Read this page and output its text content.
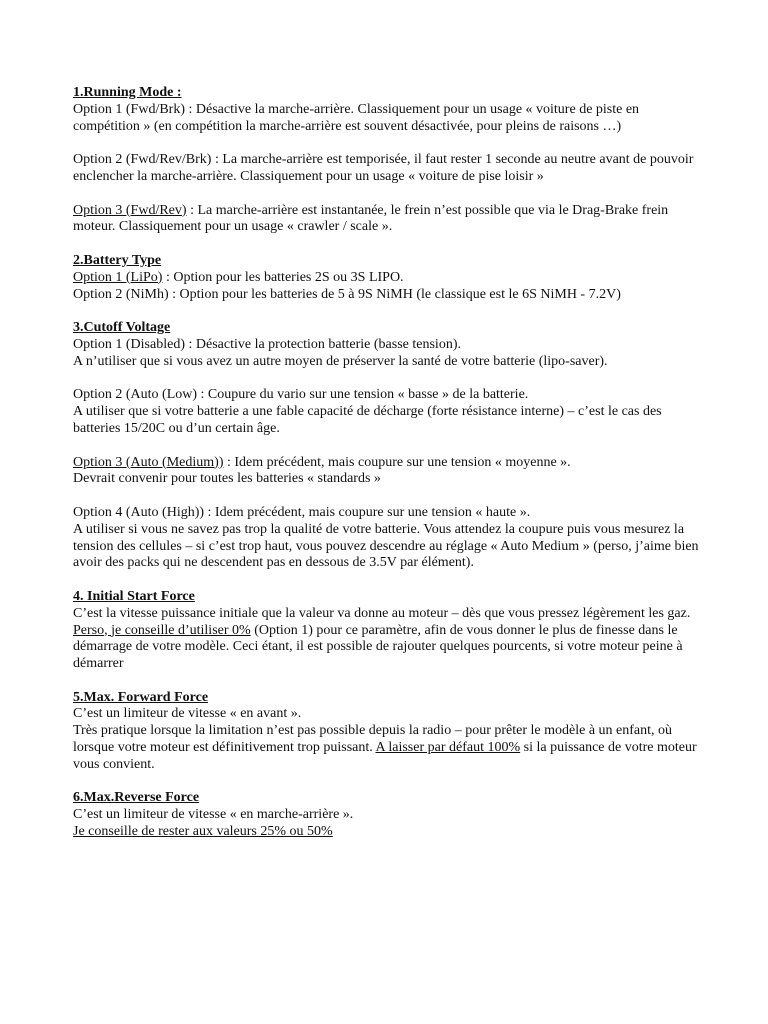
1.Running Mode :

Option 1 (Fwd/Brk) : Désactive la marche-arrière. Classiquement pour un usage « voiture de piste en compétition » (en compétition la marche-arrière est souvent désactivée, pour pleins de raisons …)

Option 2 (Fwd/Rev/Brk) : La marche-arrière est temporisée, il faut rester 1 seconde au neutre avant de pouvoir enclencher la marche-arrière. Classiquement pour un usage « voiture de pise loisir »

Option 3 (Fwd/Rev) : La marche-arrière est instantanée, le frein n’est possible que via le Drag-Brake frein moteur. Classiquement pour un usage « crawler / scale ».

2.Battery Type

Option 1 (LiPo) : Option pour les batteries 2S ou 3S LIPO.

Option 2 (NiMh) : Option pour les batteries de 5 à 9S NiMH (le classique est le 6S NiMH - 7.2V)

3.Cutoff Voltage

Option 1 (Disabled) : Désactive la protection batterie (basse tension).

A n’utiliser que si vous avez un autre moyen de préserver la santé de votre batterie (lipo-saver).

Option 2 (Auto (Low) : Coupure du vario sur une tension « basse » de la batterie.

A utiliser que si votre batterie a une fable capacité de décharge (forte résistance interne) – c’est le cas des batteries 15/20C ou d’un certain âge.

Option 3 (Auto (Medium)) : Idem précédent, mais coupure sur une tension « moyenne ».

Devrait convenir pour toutes les batteries « standards »

Option 4 (Auto (High)) : Idem précédent, mais coupure sur une tension « haute ».

A utiliser si vous ne savez pas trop la qualité de votre batterie. Vous attendez la coupure puis vous mesurez la tension des cellules – si c’est trop haut, vous pouvez descendre au réglage « Auto Medium » (perso, j’aime bien avoir des packs qui ne descendent pas en dessous de 3.5V par élément).

4. Initial Start Force

C’est la vitesse puissance initiale que la valeur va donne au moteur – dès que vous pressez légèrement les gaz.

Perso, je conseille d’utiliser 0% (Option 1) pour ce paramètre, afin de vous donner le plus de finesse dans le démarrage de votre modèle. Ceci étant, il est possible de rajouter quelques pourcents, si votre moteur peine à démarrer

5.Max. Forward Force

C’est un limiteur de vitesse « en avant ».

Très pratique lorsque la limitation n’est pas possible depuis la radio – pour prêter le modèle à un enfant, où lorsque votre moteur est définitivement trop puissant. A laisser par défaut 100% si la puissance de votre moteur vous convient.

6.Max.Reverse Force

C’est un limiteur de vitesse « en marche-arrière ».

Je conseille de rester aux valeurs 25% ou 50%
